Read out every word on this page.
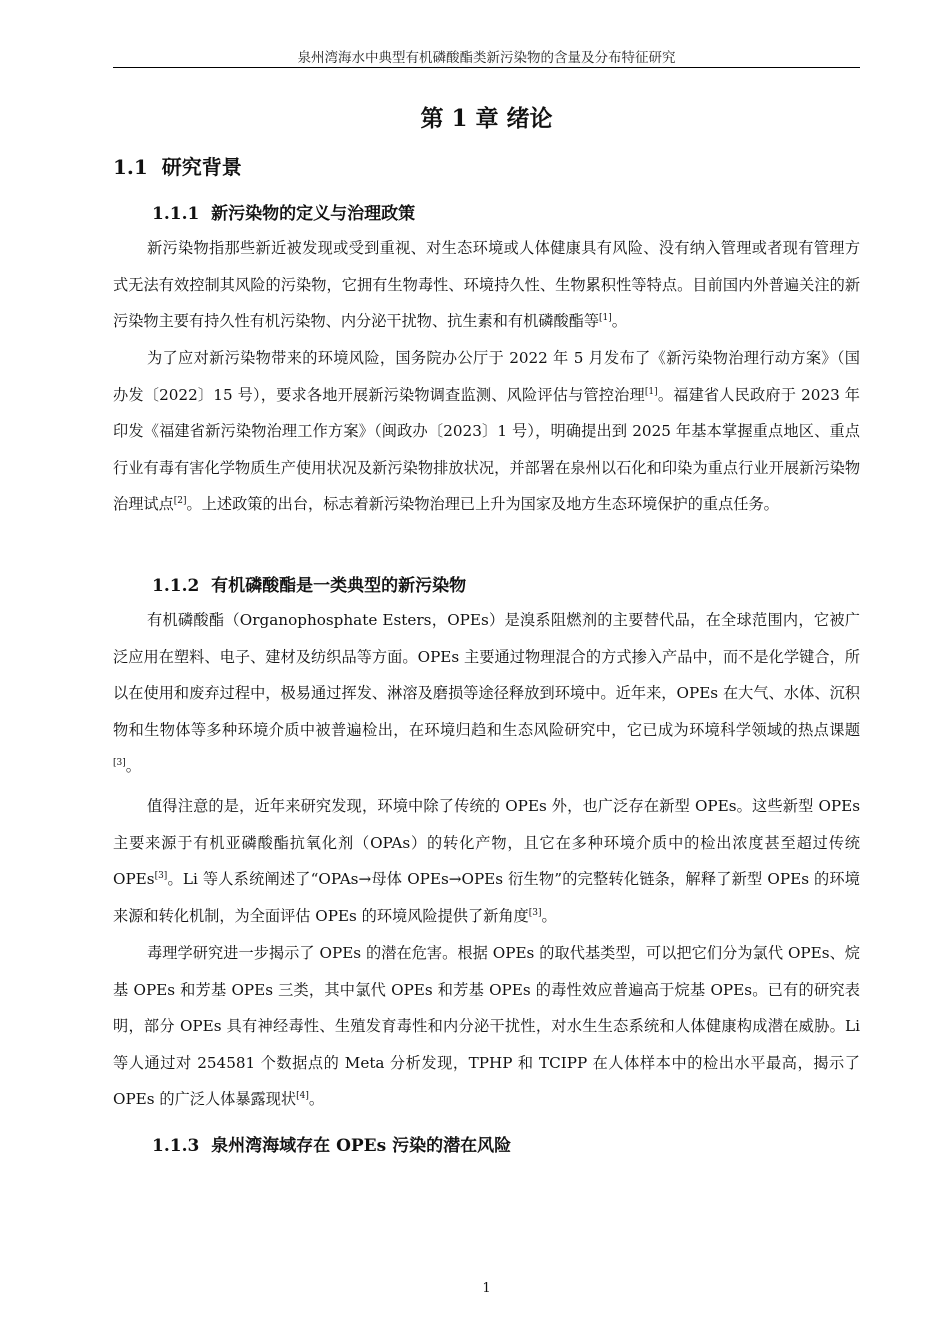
泉州湾海水中典型有机磷酸酯类新污染物的含量及分布特征研究
第 1 章 绪论
1.1 研究背景
1.1.1 新污染物的定义与治理政策

新污染物指那些新近被发现或受到重视、对生态环境或人体健康具有风险、没有纳入管理或者现有管理方式无法有效控制其风险的污染物，它拥有生物毒性、环境持久性、生物累积性等特点。目前国内外普遍关注的新污染物主要有持久性有机污染物、内分泌干扰物、抗生素和有机磷酸酯等[1]。

为了应对新污染物带来的环境风险，国务院办公厅于 2022 年 5 月发布了《新污染物治理行动方案》（国办发〔2022〕15 号），要求各地开展新污染物调查监测、风险评估与管控治理[1]。福建省人民政府于 2023 年印发《福建省新污染物治理工作方案》（闽政办〔2023〕1 号），明确提出到 2025 年基本掌握重点地区、重点行业有毒有害化学物质生产使用状况及新污染物排放状况，并部署在泉州以石化和印染为重点行业开展新污染物治理试点[2]。上述政策的出台，标志着新污染物治理已上升为国家及地方生态环境保护的重点任务。

1.1.2 有机磷酸酯是一类典型的新污染物

有机磷酸酯（Organophosphate Esters，OPEs）是溴系阻燃剂的主要替代品，在全球范围内，它被广泛应用在塑料、电子、建材及纺织品等方面。OPEs 主要通过物理混合的方式掺入产品中，而不是化学键合，所以在使用和废弃过程中，极易通过挥发、淋溶及磨损等途径释放到环境中。近年来，OPEs 在大气、水体、沉积物和生物体等多种环境介质中被普遍检出，在环境归趋和生态风险研究中，它已成为环境科学领域的热点课题[3]。

值得注意的是，近年来研究发现，环境中除了传统的 OPEs 外，也广泛存在新型 OPEs。这些新型 OPEs 主要来源于有机亚磷酸酯抗氧化剂（OPAs）的转化产物，且它在多种环境介质中的检出浓度甚至超过传统 OPEs[3]。Li 等人系统阐述了“OPAs→母体 OPEs→OPEs 衍生物”的完整转化链条，解释了新型 OPEs 的环境来源和转化机制，为全面评估 OPEs 的环境风险提供了新角度[3]。

毒理学研究进一步揭示了 OPEs 的潜在危害。根据 OPEs 的取代基类型，可以把它们分为氯代 OPEs、烷基 OPEs 和芳基 OPEs 三类，其中氯代 OPEs 和芳基 OPEs 的毒性效应普遍高于烷基 OPEs。已有的研究表明，部分 OPEs 具有神经毒性、生殖发育毒性和内分泌干扰性，对水生生态系统和人体健康构成潜在威胁。Li 等人通过对 254581 个数据点的 Meta 分析发现，TPHP 和 TCIPP 在人体样本中的检出水平最高，揭示了 OPEs 的广泛人体暴露现状[4]。

1.1.3 泉州湾海域存在 OPEs 污染的潜在风险
1
